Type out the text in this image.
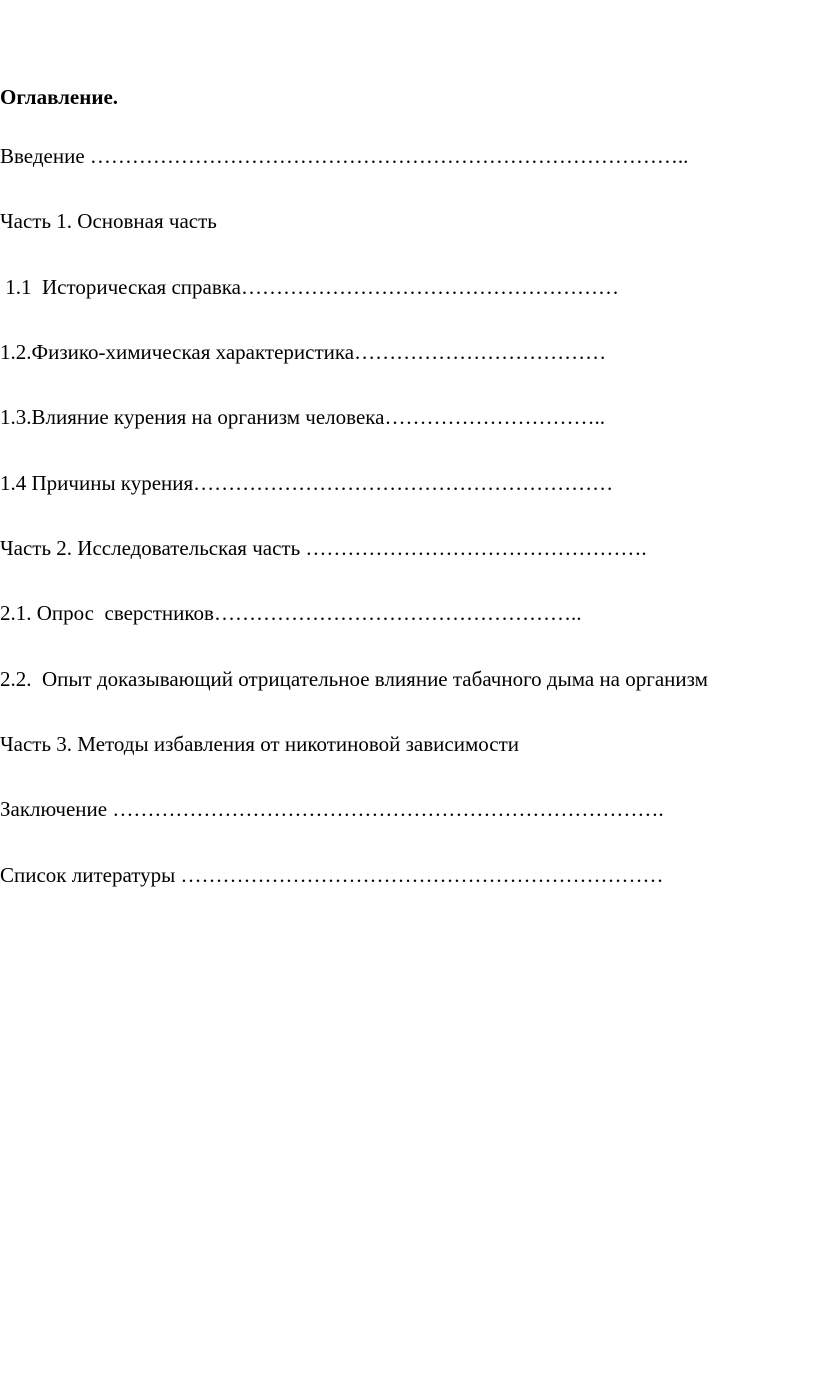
Оглавление.

Введение …………………………………………………………………………..

Часть 1. Основная часть

1.1  Историческая справка………………………………………………

1.2.Физико-химическая характеристика………………………………

1.3.Влияние курения на организм человека…………………………..

1.4 Причины курения……………………………………………………

Часть 2. Исследовательская часть ………………………………………….

2.1. Опрос  сверстников……………………………………………..

2.2.  Опыт доказывающий отрицательное влияние табачного дыма на организм

Часть 3. Методы избавления от никотиновой зависимости

Заключение …………………………………………………………………….

Список литературы ……………………………………………………………
